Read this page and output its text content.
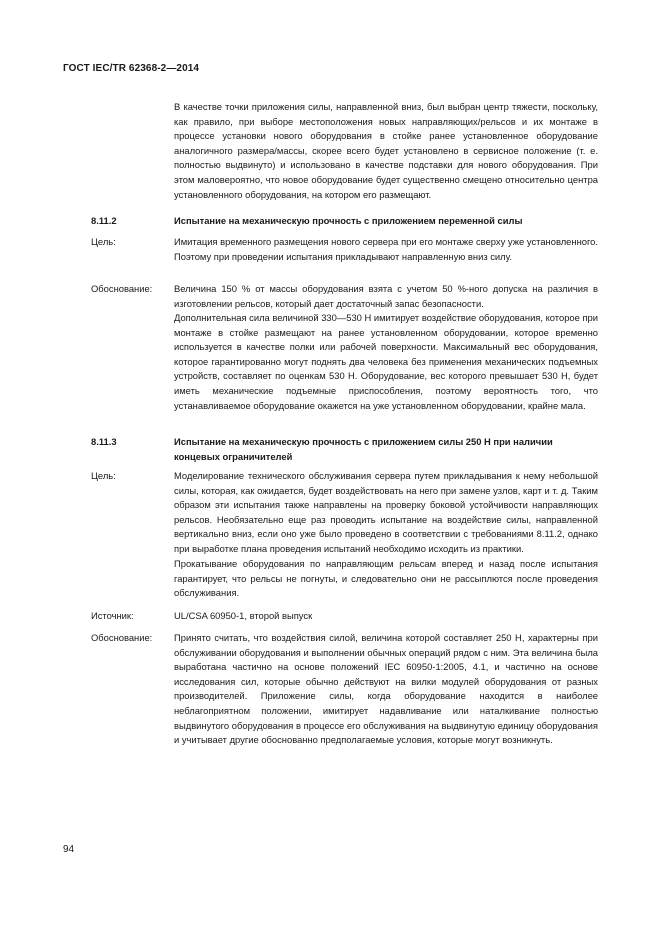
ГОСТ IEC/TR 62368-2—2014

В качестве точки приложения силы, направленной вниз, был выбран центр тяжести, поскольку, как правило, при выборе местоположения новых направляющих/рельсов и их монтаже в процессе установки нового оборудования в стойке ранее установленное оборудование аналогичного размера/массы, скорее всего будет установлено в сервисное положение (т. е. полностью выдвинуто) и использовано в качестве подставки для нового оборудования. При этом маловероятно, что новое оборудование будет существенно смещено относительно центра установленного оборудования, на котором его размещают.

8.11.2	Испытание на механическую прочность с приложением переменной силы
Цель:	Имитация временного размещения нового сервера при его монтаже сверху уже установленного. Поэтому при проведении испытания прикладывают направленную вниз силу.

Обоснование: Величина 150 % от массы оборудования взята с учетом 50 %-ного допуска на различия в изготовлении рельсов, который дает достаточный запас безопасности.

Дополнительная сила величиной 330—530 Н имитирует воздействие оборудования, которое при монтаже в стойке размещают на ранее установленном оборудовании, которое временно используется в качестве полки или рабочей поверхности. Максимальный вес оборудования, которое гарантированно могут поднять два человека без применения механических подъемных устройств, составляет по оценкам 530 Н. Оборудование, вес которого превышает 530 Н, будет иметь механические подъемные приспособления, поэтому вероятность того, что устанавливаемое оборудование окажется на уже установленном оборудовании, крайне мала.

8.11.3	Испытание на механическую прочность с приложением силы 250 Н при наличии концевых ограничителей
Цель:	Моделирование технического обслуживания сервера путем прикладывания к нему небольшой силы, которая, как ожидается, будет воздействовать на него при замене узлов, карт и т. д. Таким образом эти испытания также направлены на проверку боковой устойчивости направляющих рельсов. Необязательно еще раз проводить испытание на воздействие силы, направленной вертикально вниз, если оно уже было проведено в соответствии с требованиями 8.11.2, однако при выработке плана проведения испытаний необходимо исходить из практики.

Прокатывание оборудования по направляющим рельсам вперед и назад после испытания гарантирует, что рельсы не погнуты, и следовательно они не рассыплются после проведения обслуживания.

Источник:	UL/CSA 60950-1, второй выпуск

Обоснование: Принято считать, что воздействия силой, величина которой составляет 250 Н, характерны при обслуживании оборудования и выполнении обычных операций рядом с ним. Эта величина была выработана частично на основе положений IEC 60950-1:2005, 4.1, и частично на основе исследования сил, которые обычно действуют на вилки модулей оборудования от разных производителей. Приложение силы, когда оборудование находится в наиболее неблагоприятном положении, имитирует надавливание или наталкивание полностью выдвинутого оборудования в процессе его обслуживания на выдвинутую единицу оборудования и учитывает другие обоснованно предполагаемые условия, которые могут возникнуть.

94
